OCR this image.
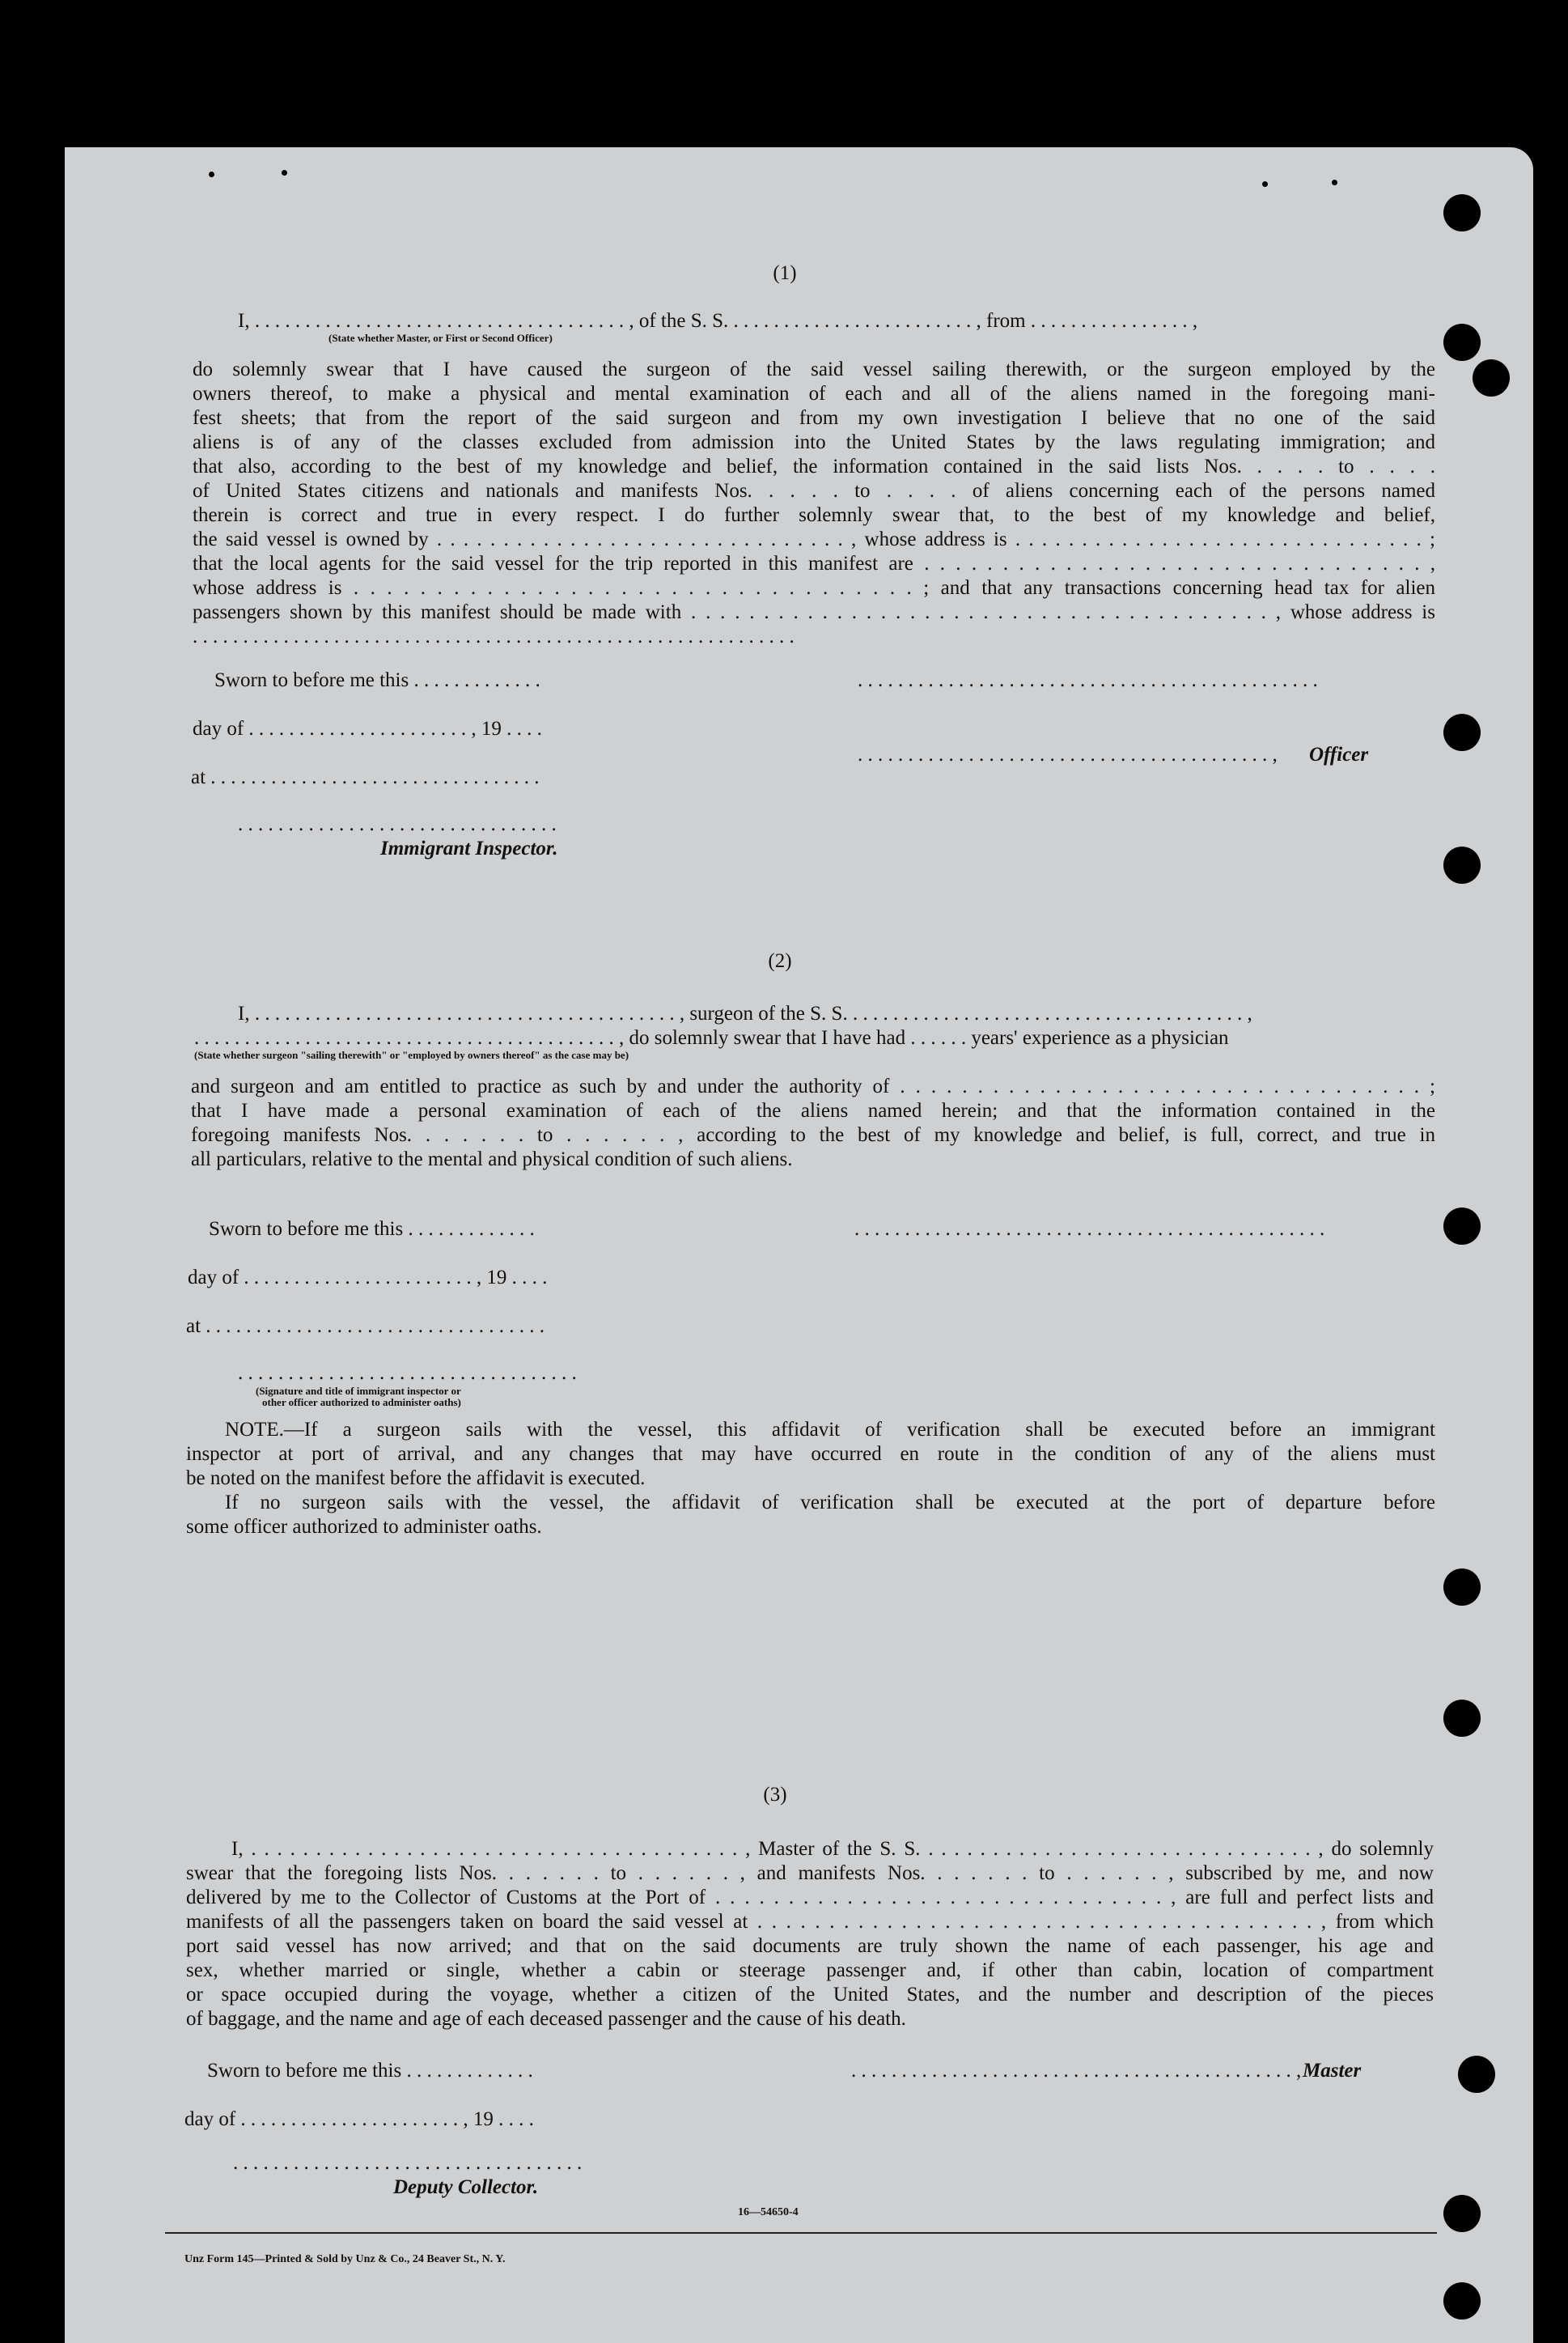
(1)
I, . . . . . . . . . . . . . . . . . . . . . . . . . . . . . . . . . . . . . , of the S. S. . . . . . . . . . . . . . . . . . . . . . . . . , from . . . . . . . . . . . . . . . . ,
(State whether Master, or First or Second Officer)

do solemnly swear that I have caused the surgeon of the said vessel sailing therewith, or the surgeon employed by the

owners thereof, to make a physical and mental examination of each and all of the aliens named in the foregoing mani-

fest sheets; that from the report of the said surgeon and from my own investigation I believe that no one of the said

aliens is of any of the classes excluded from admission into the United States by the laws regulating immigration; and

that also, according to the best of my knowledge and belief, the information contained in the said lists Nos. . . . . to . . . .

of United States citizens and nationals and manifests Nos. . . . . to . . . . of aliens concerning each of the persons named

therein is correct and true in every respect. I do further solemnly swear that, to the best of my knowledge and belief,

the said vessel is owned by . . . . . . . . . . . . . . . . . . . . . . . . . . . . . . . , whose address is . . . . . . . . . . . . . . . . . . . . . . . . . . . . . . . ;

that the local agents for the said vessel for the trip reported in this manifest are . . . . . . . . . . . . . . . . . . . . . . . . . . . . . . . . ,

whose address is . . . . . . . . . . . . . . . . . . . . . . . . . . . . . . . . . . ; and that any transactions concerning head tax for alien

passengers shown by this manifest should be made with . . . . . . . . . . . . . . . . . . . . . . . . . . . . . . . . . . . . . . . . , whose address is

. . . . . . . . . . . . . . . . . . . . . . . . . . . . . . . . . . . . . . . . . . . . . . . . . . . . . . . . . . . .

Sworn to before me this . . . . . . . . . . . . .	. . . . . . . . . . . . . . . . . . . . . . . . . . . . . . . . . . . . . . . . . . . . . .
day of . . . . . . . . . . . . . . . . . . . . . . , 19 . . . .
. . . . . . . . . . . . . . . . . . . . . . . . . . . . . . . . . . . . . . . . . , Officer
at . . . . . . . . . . . . . . . . . . . . . . . . . . . . . . . . .
. . . . . . . . . . . . . . . . . . . . . . . . . . . . . . . .
Immigrant Inspector.
(2)
I, . . . . . . . . . . . . . . . . . . . . . . . . . . . . . . . . . . . . . . . . . . , surgeon of the S. S. . . . . . . . . . . . . . . . . . . . . . . . . . . . . . . . . . . . . . . . ,
. . . . . . . . . . . . . . . . . . . . . . . . . . . . . . . . . . . . . . . . . . , do solemnly swear that I have had . . . . . . years' experience as a physician
(State whether surgeon "sailing therewith" or "employed by owners thereof" as the case may be)

and surgeon and am entitled to practice as such by and under the authority of . . . . . . . . . . . . . . . . . . . . . . . . . . . . . . . . . . ;

that I have made a personal examination of each of the aliens named herein; and that the information contained in the

foregoing manifests Nos. . . . . . . to . . . . . . , according to the best of my knowledge and belief, is full, correct, and true in

all particulars, relative to the mental and physical condition of such aliens.

Sworn to before me this . . . . . . . . . . . . .	. . . . . . . . . . . . . . . . . . . . . . . . . . . . . . . . . . . . . . . . . . . . . . .
day of . . . . . . . . . . . . . . . . . . . . . . . , 19 . . . .
at . . . . . . . . . . . . . . . . . . . . . . . . . . . . . . . . . .
. . . . . . . . . . . . . . . . . . . . . . . . . . . . . . . . . .
(Signature and title of immigrant inspector or
other officer authorized to administer oaths)

NOTE.—If a surgeon sails with the vessel, this affidavit of verification shall be executed before an immigrant

inspector at port of arrival, and any changes that may have occurred en route in the condition of any of the aliens must

be noted on the manifest before the affidavit is executed.

If no surgeon sails with the vessel, the affidavit of verification shall be executed at the port of departure before

some officer authorized to administer oaths.

(3)

I, . . . . . . . . . . . . . . . . . . . . . . . . . . . . . . . . . . . . . . , Master of the S. S. . . . . . . . . . . . . . . . . . . . . . . . . . . . . . . , do solemnly

swear that the foregoing lists Nos. . . . . . . to . . . . . . , and manifests Nos. . . . . . . to . . . . . . , subscribed by me, and now

delivered by me to the Collector of Customs at the Port of . . . . . . . . . . . . . . . . . . . . . . . . . . . . . . . , are full and perfect lists and

manifests of all the passengers taken on board the said vessel at . . . . . . . . . . . . . . . . . . . . . . . . . . . . . . . . . . . . . . . , from which

port said vessel has now arrived; and that on the said documents are truly shown the name of each passenger, his age and

sex, whether married or single, whether a cabin or steerage passenger and, if other than cabin, location of compartment

or space occupied during the voyage, whether a citizen of the United States, and the number and description of the pieces

of baggage, and the name and age of each deceased passenger and the cause of his death.

Sworn to before me this . . . . . . . . . . . . .	. . . . . . . . . . . . . . . . . . . . . . . . . . . . . . . . . . . . . . . . . . . . , Master
day of . . . . . . . . . . . . . . . . . . . . . . , 19 . . . .
. . . . . . . . . . . . . . . . . . . . . . . . . . . . . . . . . . .
Deputy Collector.
16—54650-4
Unz Form 145—Printed & Sold by Unz & Co., 24 Beaver St., N. Y.
